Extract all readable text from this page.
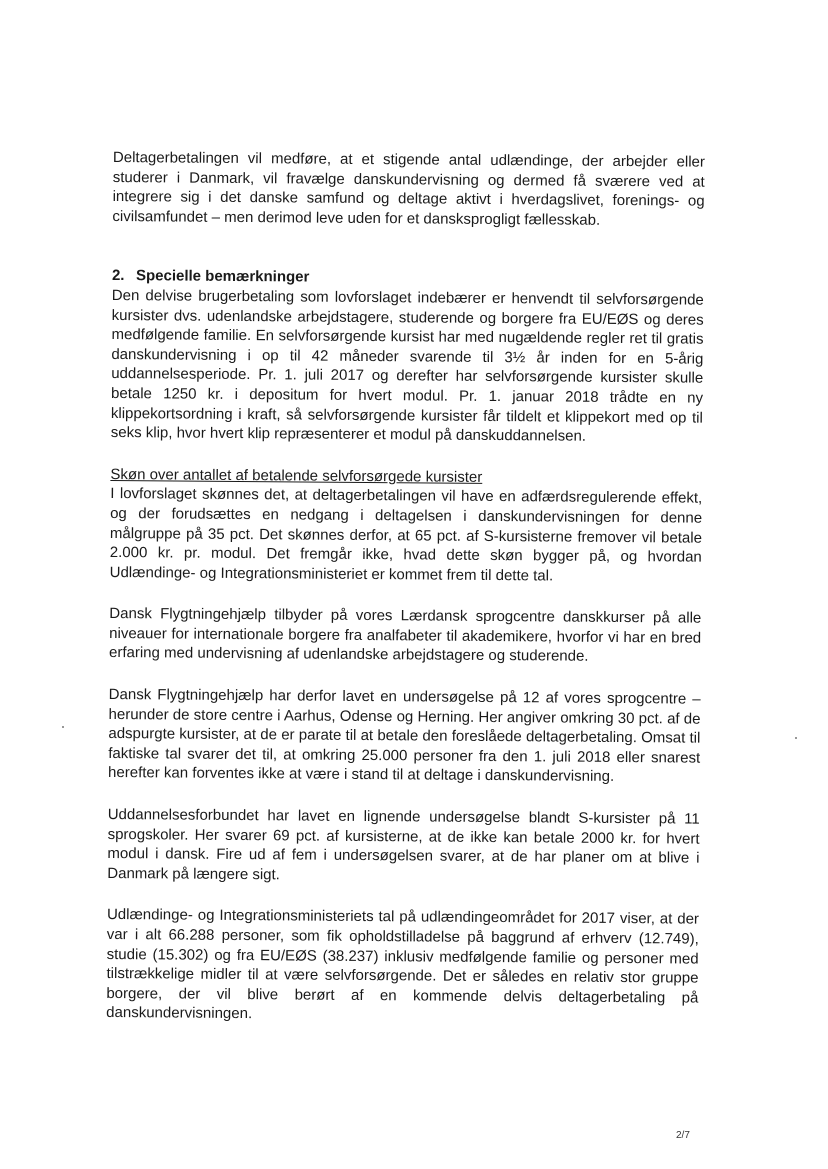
Deltagerbetalingen vil medføre, at et stigende antal udlændinge, der arbejder eller studerer i Danmark, vil fravælge danskundervisning og dermed få sværere ved at integrere sig i det danske samfund og deltage aktivt i hverdagslivet, forenings- og civilsamfundet – men derimod leve uden for et dansksprogligt fællesskab.

2. Specielle bemærkninger

Den delvise brugerbetaling som lovforslaget indebærer er henvendt til selvforsørgende kursister dvs. udenlandske arbejdstagere, studerende og borgere fra EU/EØS og deres medfølgende familie. En selvforsørgende kursist har med nugældende regler ret til gratis danskundervisning i op til 42 måneder svarende til 3½ år inden for en 5-årig uddannelsesperiode. Pr. 1. juli 2017 og derefter har selvforsørgende kursister skulle betale 1250 kr. i depositum for hvert modul. Pr. 1. januar 2018 trådte en ny klippekortsordning i kraft, så selvforsørgende kursister får tildelt et klippekort med op til seks klip, hvor hvert klip repræsenterer et modul på danskuddannelsen.

Skøn over antallet af betalende selvforsørgede kursister

I lovforslaget skønnes det, at deltagerbetalingen vil have en adfærdsregulerende effekt, og der forudsættes en nedgang i deltagelsen i danskundervisningen for denne målgruppe på 35 pct. Det skønnes derfor, at 65 pct. af S-kursisterne fremover vil betale 2.000 kr. pr. modul. Det fremgår ikke, hvad dette skøn bygger på, og hvordan Udlændinge- og Integrationsministeriet er kommet frem til dette tal.

Dansk Flygtningehjælp tilbyder på vores Lærdansk sprogcentre danskkurser på alle niveauer for internationale borgere fra analfabeter til akademikere, hvorfor vi har en bred erfaring med undervisning af udenlandske arbejdstagere og studerende.

Dansk Flygtningehjælp har derfor lavet en undersøgelse på 12 af vores sprogcentre – herunder de store centre i Aarhus, Odense og Herning. Her angiver omkring 30 pct. af de adspurgte kursister, at de er parate til at betale den foreslåede deltagerbetaling. Omsat til faktiske tal svarer det til, at omkring 25.000 personer fra den 1. juli 2018 eller snarest herefter kan forventes ikke at være i stand til at deltage i danskundervisning.

Uddannelsesforbundet har lavet en lignende undersøgelse blandt S-kursister på 11 sprogskoler. Her svarer 69 pct. af kursisterne, at de ikke kan betale 2000 kr. for hvert modul i dansk. Fire ud af fem i undersøgelsen svarer, at de har planer om at blive i Danmark på længere sigt.

Udlændinge- og Integrationsministeriets tal på udlændingeområdet for 2017 viser, at der var i alt 66.288 personer, som fik opholdstilladelse på baggrund af erhverv (12.749), studie (15.302) og fra EU/EØS (38.237) inklusiv medfølgende familie og personer med tilstrækkelige midler til at være selvforsørgende. Det er således en relativ stor gruppe borgere, der vil blive berørt af en kommende delvis deltagerbetaling på danskundervisningen.

2/7
